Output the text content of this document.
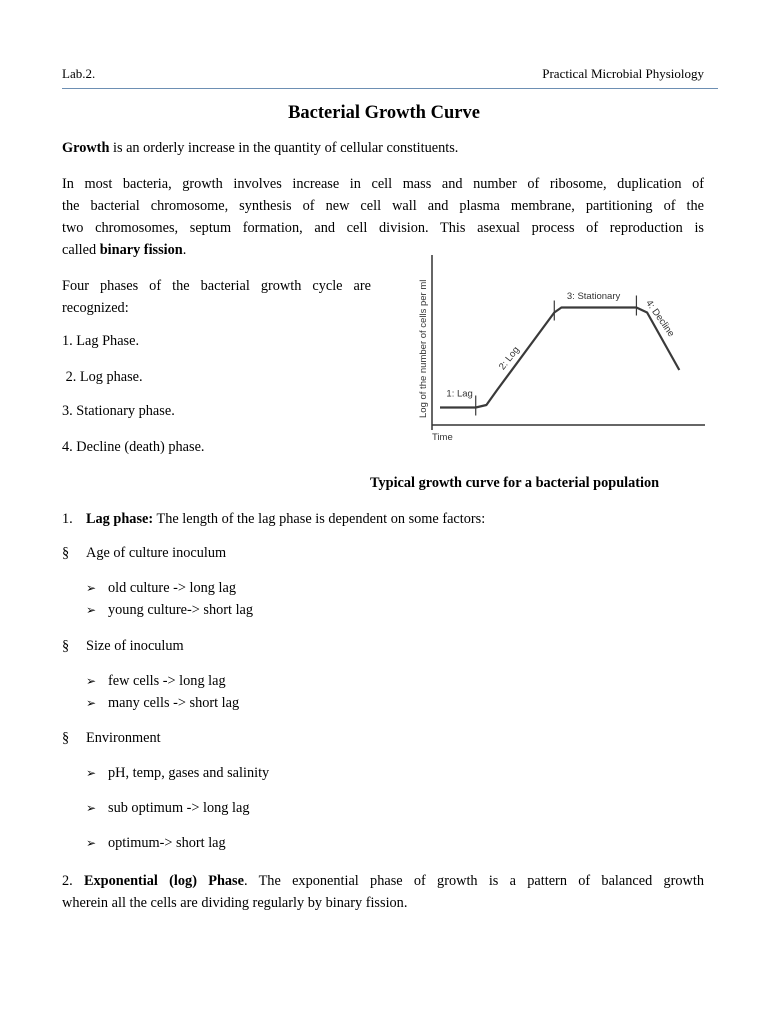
Lab.2.	Practical Microbial Physiology
Bacterial Growth Curve

Growth is an orderly increase in the quantity of cellular constituents.

In most bacteria, growth involves increase in cell mass and number of ribosome, duplication of
the bacterial chromosome, synthesis of new cell wall and plasma membrane, partitioning of the
two chromosomes, septum formation, and cell division. This asexual process of reproduction is
called binary fission.
Four phases of the bacterial growth cycle are
recognized:
1. Lag Phase.
2. Log phase.
3. Stationary phase.
4. Decline (death) phase.
Log of the number of cells per ml
Time
1: Lag
2: Log
3: Stationary
4: Decline
Typical growth curve for a bacterial population
1. Lag phase: The length of the lag phase is dependent on some factors:
§ Age of culture inoculum
➢ old culture -> long lag
➢ young culture-> short lag
§ Size of inoculum
➢ few cells -> long lag
➢ many cells -> short lag
§ Environment
➢ pH, temp, gases and salinity
➢ sub optimum -> long lag
➢ optimum-> short lag
2. Exponential (log) Phase. The exponential phase of growth is a pattern of balanced growth
wherein all the cells are dividing regularly by binary fission.
